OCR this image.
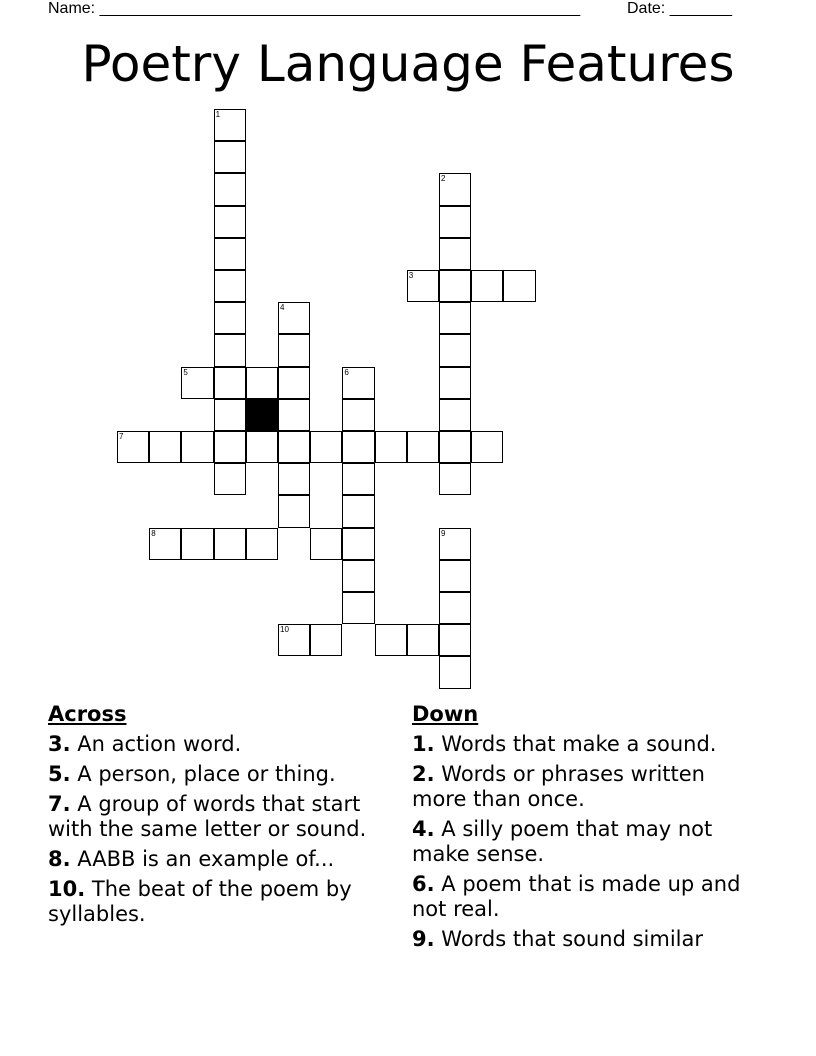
Name: ______________________________________________________	Date: _______
Poetry Language Features
1
2
3
4
5	6
7
8	9
10
Across
3. An action word.
5. A person, place or thing.
7. A group of words that start with the same letter or sound.
8. AABB is an example of...
10. The beat of the poem by syllables.
Down
1. Words that make a sound.
2. Words or phrases written more than once.
4. A silly poem that may not make sense.
6. A poem that is made up and not real.
9. Words that sound similar
